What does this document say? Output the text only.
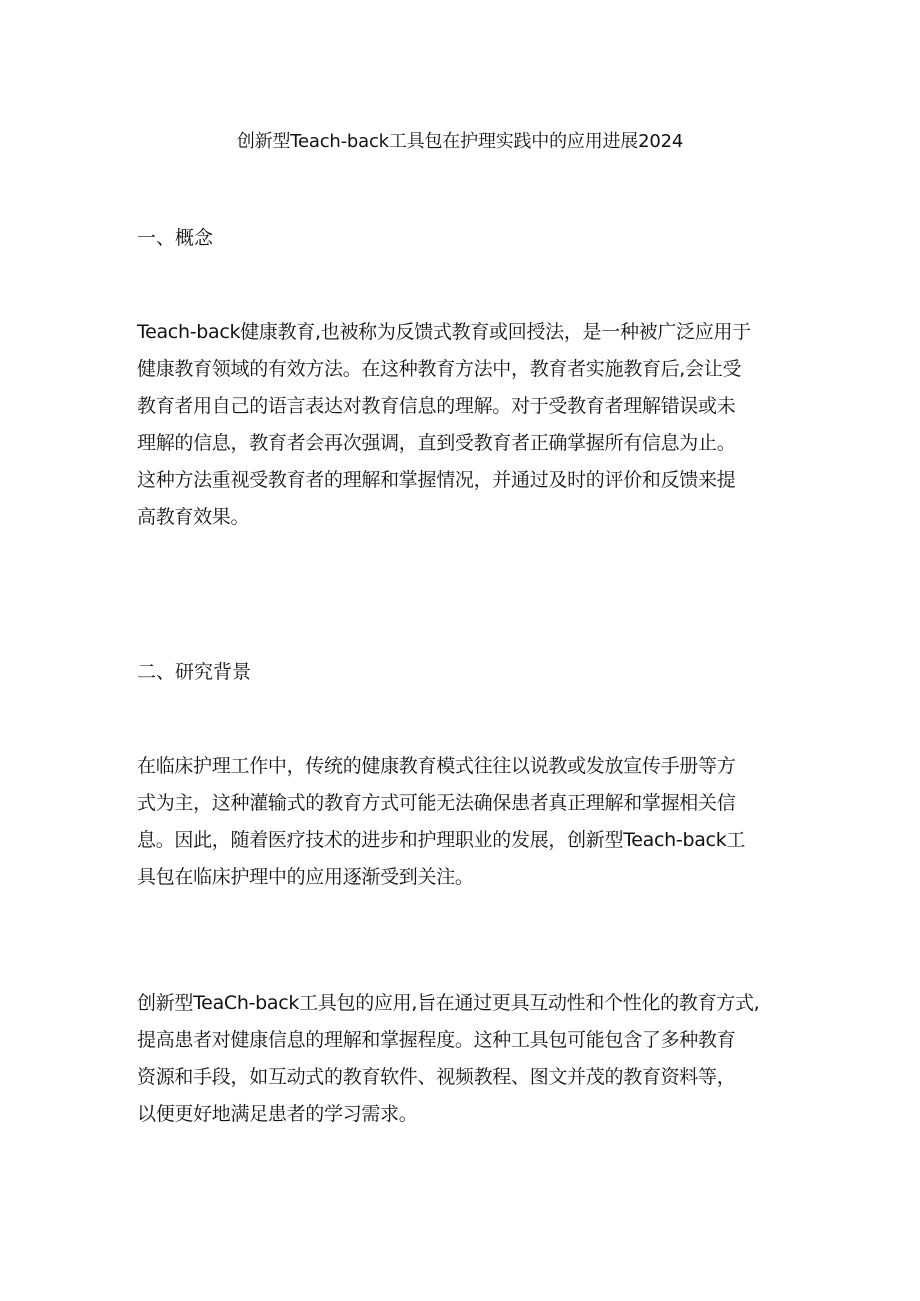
创新型Teach-back工具包在护理实践中的应用进展2024
一、概念
Teach-back健康教育,也被称为反馈式教育或回授法，是一种被广泛应用于
健康教育领域的有效方法。在这种教育方法中，教育者实施教育后,会让受
教育者用自己的语言表达对教育信息的理解。对于受教育者理解错误或未
理解的信息，教育者会再次强调，直到受教育者正确掌握所有信息为止。
这种方法重视受教育者的理解和掌握情况，并通过及时的评价和反馈来提
高教育效果。
二、研究背景
在临床护理工作中，传统的健康教育模式往往以说教或发放宣传手册等方
式为主，这种灌输式的教育方式可能无法确保患者真正理解和掌握相关信
息。因此，随着医疗技术的进步和护理职业的发展，创新型Teach-back工
具包在临床护理中的应用逐渐受到关注。
创新型TeaCh-back工具包的应用,旨在通过更具互动性和个性化的教育方式,
提高患者对健康信息的理解和掌握程度。这种工具包可能包含了多种教育
资源和手段，如互动式的教育软件、视频教程、图文并茂的教育资料等，
以便更好地满足患者的学习需求。
